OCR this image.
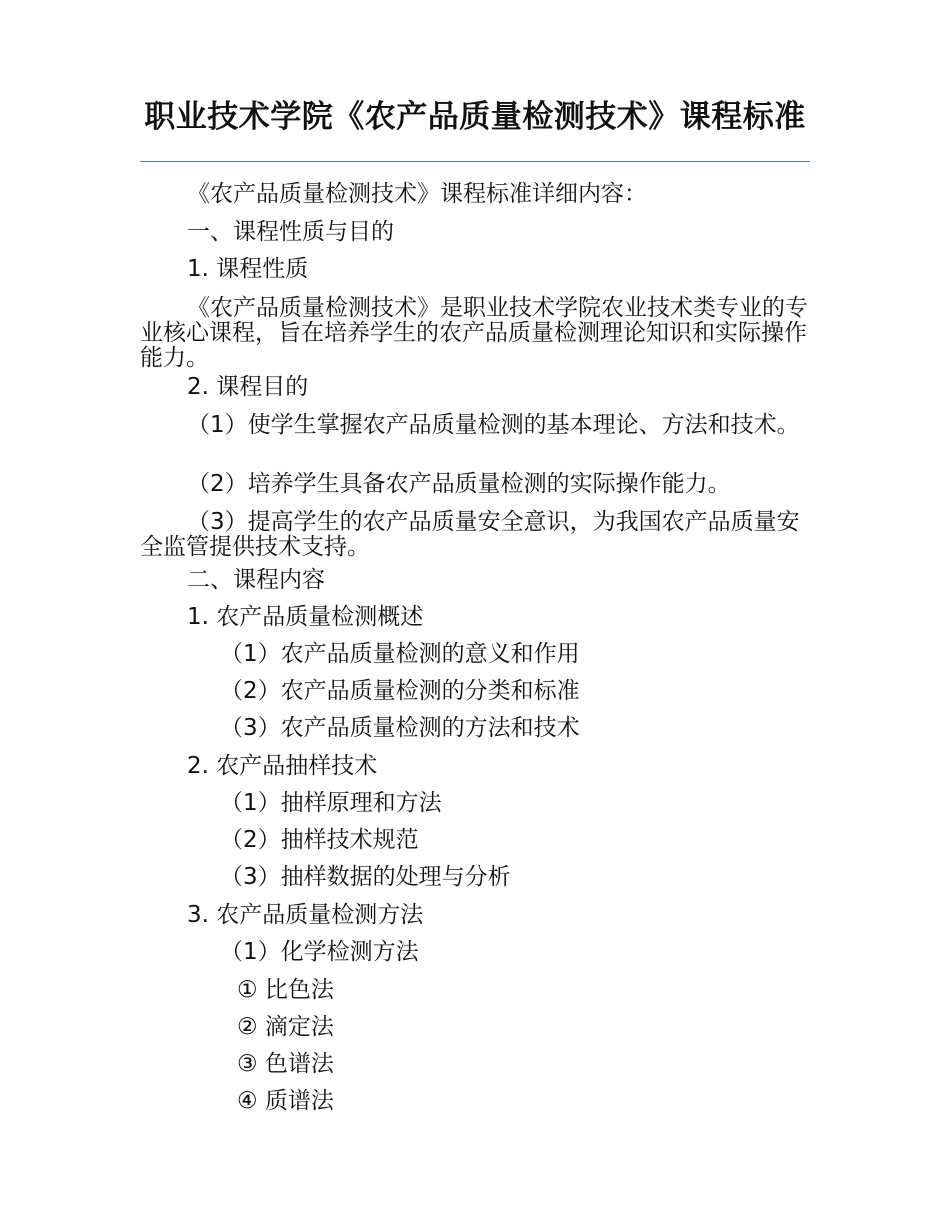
职业技术学院《农产品质量检测技术》课程标准
《农产品质量检测技术》课程标准详细内容：
一、课程性质与目的
1. 课程性质
《农产品质量检测技术》是职业技术学院农业技术类专业的专业核心课程，旨在培养学生的农产品质量检测理论知识和实际操作能力。
2. 课程目的
（1）使学生掌握农产品质量检测的基本理论、方法和技术。
（2）培养学生具备农产品质量检测的实际操作能力。
（3）提高学生的农产品质量安全意识，为我国农产品质量安全监管提供技术支持。
二、课程内容
1. 农产品质量检测概述
（1）农产品质量检测的意义和作用
（2）农产品质量检测的分类和标准
（3）农产品质量检测的方法和技术
2. 农产品抽样技术
（1）抽样原理和方法
（2）抽样技术规范
（3）抽样数据的处理与分析
3. 农产品质量检测方法
（1）化学检测方法
① 比色法
② 滴定法
③ 色谱法
④ 质谱法
